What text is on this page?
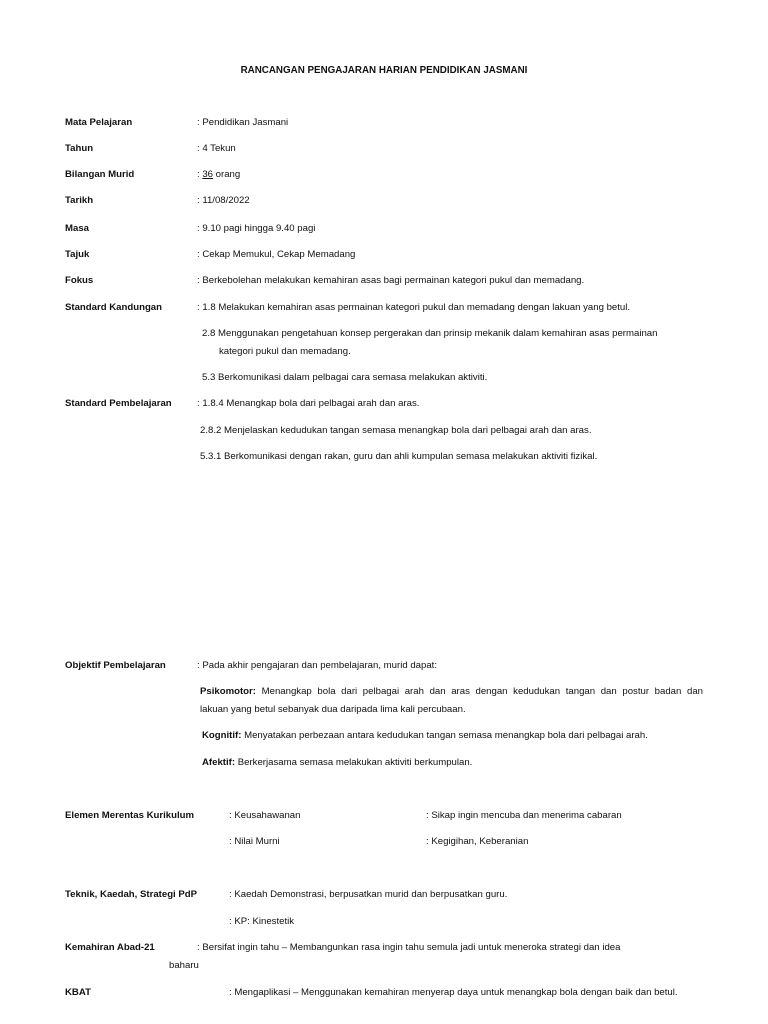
RANCANGAN PENGAJARAN HARIAN PENDIDIKAN JASMANI
Mata Pelajaran	: Pendidikan Jasmani
Tahun	: 4 Tekun
Bilangan Murid	: 36 orang
Tarikh	: 11/08/2022
Masa	: 9.10 pagi hingga 9.40 pagi
Tajuk	: Cekap Memukul, Cekap Memadang
Fokus	: Berkebolehan melakukan kemahiran asas bagi permainan kategori pukul dan memadang.
Standard Kandungan	: 1.8 Melakukan kemahiran asas permainan kategori pukul dan memadang dengan lakuan yang betul.
2.8 Menggunakan pengetahuan konsep pergerakan dan prinsip mekanik dalam kemahiran asas permainan
kategori pukul dan memadang.
5.3 Berkomunikasi dalam pelbagai cara semasa melakukan aktiviti.
Standard Pembelajaran	: 1.8.4 Menangkap bola dari pelbagai arah dan aras.
2.8.2 Menjelaskan kedudukan tangan semasa menangkap bola dari pelbagai arah dan aras.
5.3.1 Berkomunikasi dengan rakan, guru dan ahli kumpulan semasa melakukan aktiviti fizikal.
Objektif Pembelajaran	: Pada akhir pengajaran dan pembelajaran, murid dapat:
Psikomotor: Menangkap bola dari pelbagai arah dan aras dengan kedudukan tangan dan postur badan dan
lakuan yang betul sebanyak dua daripada lima kali percubaan.
Kognitif: Menyatakan perbezaan antara kedudukan tangan semasa menangkap bola dari pelbagai arah.
Afektif: Berkerjasama semasa melakukan aktiviti berkumpulan.
Elemen Merentas Kurikulum	: Keusahawanan	: Sikap ingin mencuba dan menerima cabaran
: Nilai Murni	: Kegigihan, Keberanian
Teknik, Kaedah, Strategi PdP	: Kaedah Demonstrasi, berpusatkan murid dan berpusatkan guru.
: KP: Kinestetik
Kemahiran Abad-21	: Bersifat ingin tahu – Membangunkan rasa ingin tahu semula jadi untuk meneroka strategi dan idea
baharu
KBAT	: Mengaplikasi – Menggunakan kemahiran menyerap daya untuk menangkap bola dengan baik dan betul.
